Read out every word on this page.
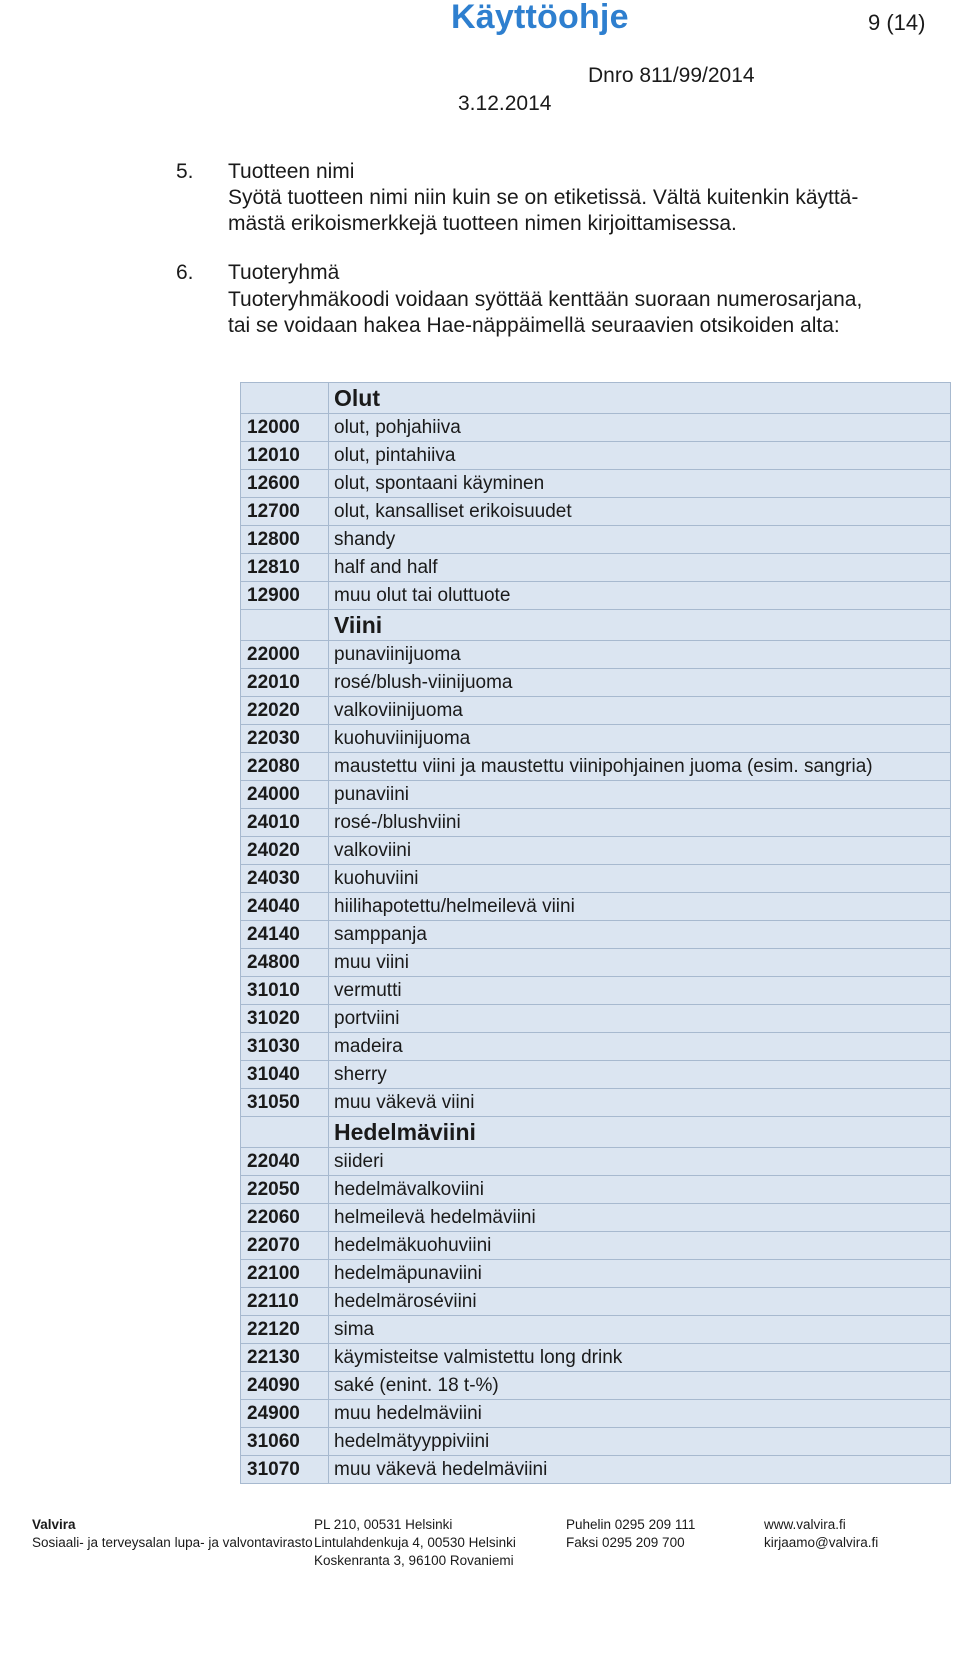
Käyttöohje	9 (14)
Dnro 811/99/2014
3.12.2014
5. Tuotteen nimi
Syötä tuotteen nimi niin kuin se on etiketissä. Vältä kuitenkin käyttä-
mästä erikoismerkkejä tuotteen nimen kirjoittamisessa.
6. Tuoteryhmä
Tuoteryhmäkoodi voidaan syöttää kenttään suoraan numerosarjana,
tai se voidaan hakea Hae-näppäimellä seuraavien otsikoiden alta:
	Olut
12000	olut, pohjahiiva
12010	olut, pintahiiva
12600	olut, spontaani käyminen
12700	olut, kansalliset erikoisuudet
12800	shandy
12810	half and half
12900	muu olut tai oluttuote
	Viini
22000	punaviinijuoma
22010	rosé/blush-viinijuoma
22020	valkoviinijuoma
22030	kuohuviinijuoma
22080	maustettu viini ja maustettu viinipohjainen juoma (esim. sangria)
24000	punaviini
24010	rosé-/blushviini
24020	valkoviini
24030	kuohuviini
24040	hiilihapotettu/helmeilevä viini
24140	samppanja
24800	muu viini
31010	vermutti
31020	portviini
31030	madeira
31040	sherry
31050	muu väkevä viini
	Hedelmäviini
22040	siideri
22050	hedelmävalkoviini
22060	helmeilevä hedelmäviini
22070	hedelmäkuohuviini
22100	hedelmäpunaviini
22110	hedelmäroséviini
22120	sima
22130	käymisteitse valmistettu long drink
24090	saké (enint. 18 t-%)
24900	muu hedelmäviini
31060	hedelmätyyppiviini
31070	muu väkevä hedelmäviini
Valvira
Sosiaali- ja terveysalan lupa- ja valvontavirasto
PL 210, 00531 Helsinki
Lintulahdenkuja 4, 00530 Helsinki
Koskenranta 3, 96100 Rovaniemi
Puhelin 0295 209 111
Faksi 0295 209 700
www.valvira.fi
kirjaamo@valvira.fi
